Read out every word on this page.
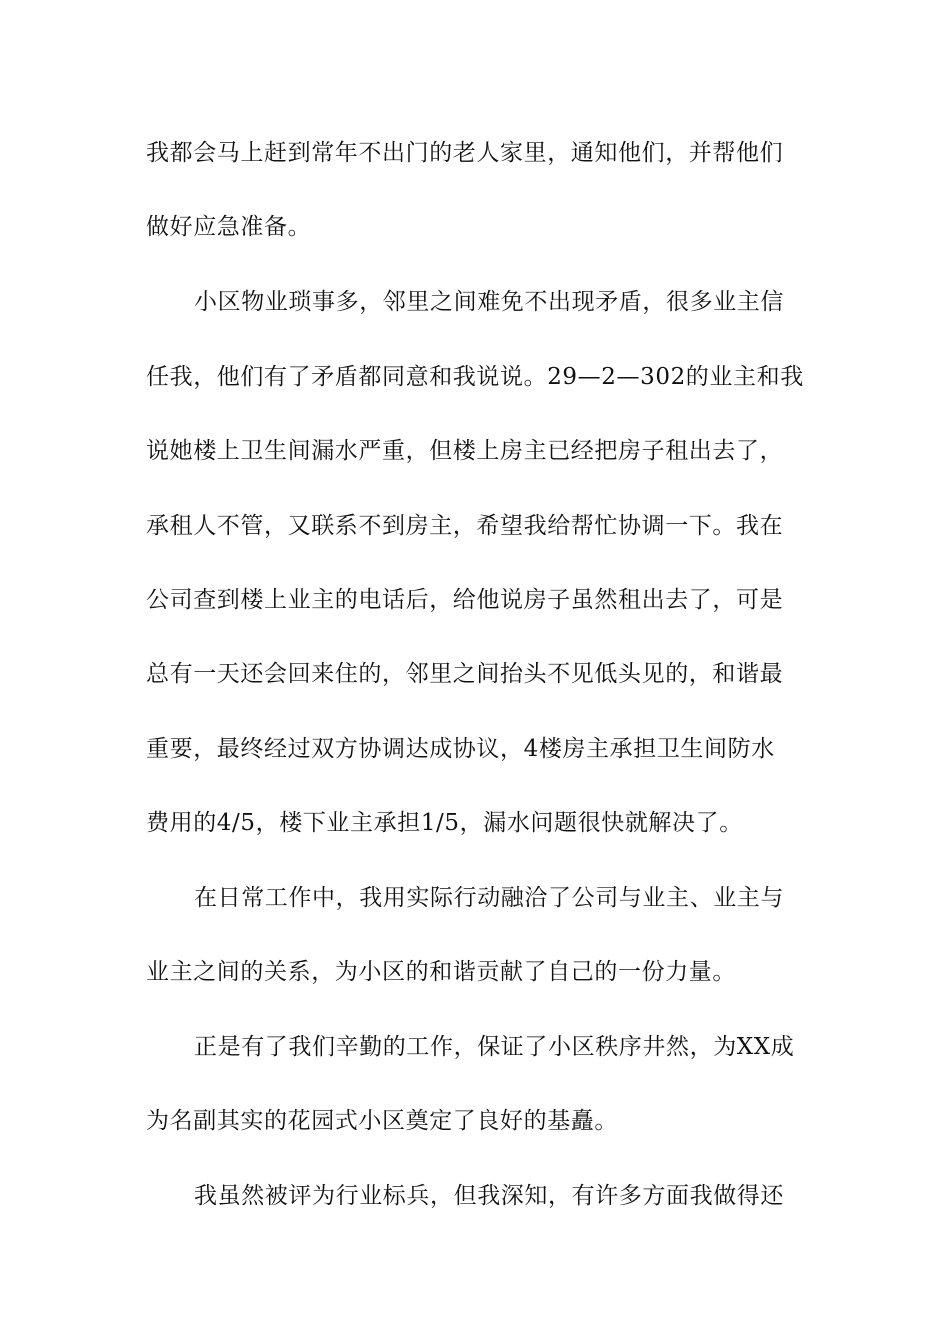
我都会马上赶到常年不出门的老人家里，通知他们，并帮他们
做好应急准备。
小区物业琐事多，邻里之间难免不出现矛盾，很多业主信
任我，他们有了矛盾都同意和我说说。29—2—302的业主和我
说她楼上卫生间漏水严重，但楼上房主已经把房子租出去了，
承租人不管，又联系不到房主，希望我给帮忙协调一下。我在
公司查到楼上业主的电话后，给他说房子虽然租出去了，可是
总有一天还会回来住的，邻里之间抬头不见低头见的，和谐最
重要，最终经过双方协调达成协议，4楼房主承担卫生间防水
费用的4/5，楼下业主承担1/5，漏水问题很快就解决了。
在日常工作中，我用实际行动融洽了公司与业主、业主与
业主之间的关系，为小区的和谐贡献了自己的一份力量。
正是有了我们辛勤的工作，保证了小区秩序井然，为XX成
为名副其实的花园式小区奠定了良好的基矗。
我虽然被评为行业标兵，但我深知，有许多方面我做得还
